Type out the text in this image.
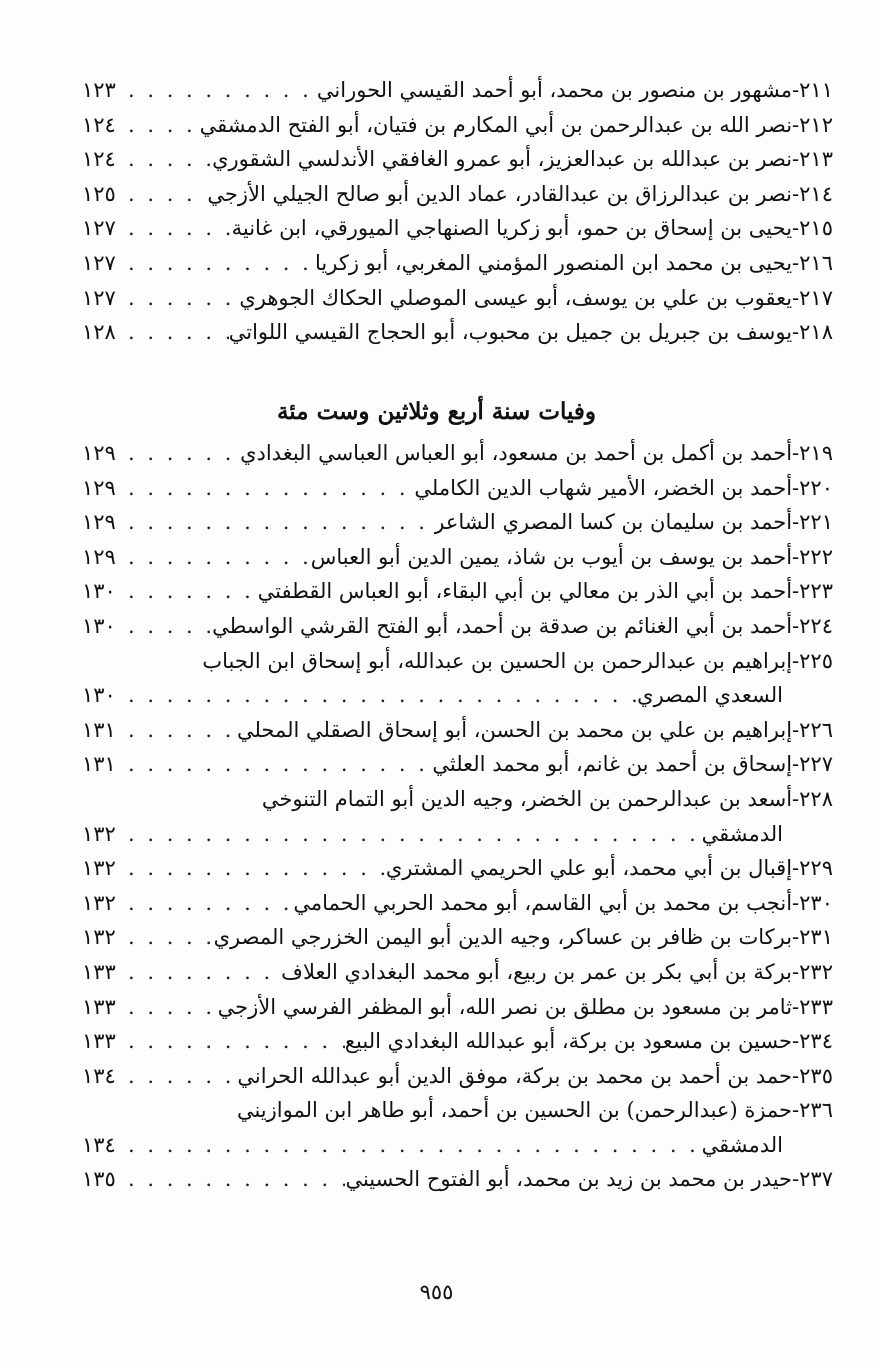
٢١١-
مشهور بن منصور بن محمد، أبو أحمد القيسي الحوراني
. . .
١٢٣
٢١٢-
نصر الله بن عبدالرحمن بن أبي المكارم بن فتيان، أبو الفتح الدمشقي
. . .
١٢٤
٢١٣-
نصر بن عبدالله بن عبدالعزيز، أبو عمرو الغافقي الأندلسي الشقوري
. . .
١٢٤
٢١٤-
نصر بن عبدالرزاق بن عبدالقادر، عماد الدين أبو صالح الجيلي الأزجي
. . .
١٢٥
٢١٥-
يحيى بن إسحاق بن حمو، أبو زكريا الصنهاجي الميورقي، ابن غانية
. . .
١٢٧
٢١٦-
يحيى بن محمد ابن المنصور المؤمني المغربي، أبو زكريا
. . .
١٢٧
٢١٧-
يعقوب بن علي بن يوسف، أبو عيسى الموصلي الحكاك الجوهري
. . .
١٢٧
٢١٨-
يوسف بن جبريل بن جميل بن محبوب، أبو الحجاج القيسي اللواتي
. . .
١٢٨
وفيات سنة أربع وثلاثين وست مئة
٢١٩-
أحمد بن أكمل بن أحمد بن مسعود، أبو العباس العباسي البغدادي
. . .
١٢٩
٢٢٠-
أحمد بن الخضر، الأمير شهاب الدين الكاملي
. . .
١٢٩
٢٢١-
أحمد بن سليمان بن كسا المصري الشاعر
. . .
١٢٩
٢٢٢-
أحمد بن يوسف بن أيوب بن شاذ، يمين الدين أبو العباس
. . .
١٢٩
٢٢٣-
أحمد بن أبي الذر بن معالي بن أبي البقاء، أبو العباس القطفتي
. . .
١٣٠
٢٢٤-
أحمد بن أبي الغنائم بن صدقة بن أحمد، أبو الفتح القرشي الواسطي
. . .
١٣٠
٢٢٥-
إبراهيم بن عبدالرحمن بن الحسين بن عبدالله، أبو إسحاق ابن الجباب
السعدي المصري
. . .
١٣٠
٢٢٦-
إبراهيم بن علي بن محمد بن الحسن، أبو إسحاق الصقلي المحلي
. . .
١٣١
٢٢٧-
إسحاق بن أحمد بن غانم، أبو محمد العلثي
. . .
١٣١
٢٢٨-
أسعد بن عبدالرحمن بن الخضر، وجيه الدين أبو التمام التنوخي
الدمشقي
. . .
١٣٢
٢٢٩-
إقبال بن أبي محمد، أبو علي الحريمي المشتري
. . .
١٣٢
٢٣٠-
أنجب بن محمد بن أبي القاسم، أبو محمد الحربي الحمامي
. . .
١٣٢
٢٣١-
بركات بن ظافر بن عساكر، وجيه الدين أبو اليمن الخزرجي المصري
. . .
١٣٢
٢٣٢-
بركة بن أبي بكر بن عمر بن ربيع، أبو محمد البغدادي العلاف
. . .
١٣٣
٢٣٣-
ثامر بن مسعود بن مطلق بن نصر الله، أبو المظفر الفرسي الأزجي
. . .
١٣٣
٢٣٤-
حسين بن مسعود بن بركة، أبو عبدالله البغدادي البيع
. . .
١٣٣
٢٣٥-
حمد بن أحمد بن محمد بن بركة، موفق الدين أبو عبدالله الحراني
. . .
١٣٤
٢٣٦-
حمزة (عبدالرحمن) بن الحسين بن أحمد، أبو طاهر ابن الموازيني
الدمشقي
. . .
١٣٤
٢٣٧-
حيدر بن محمد بن زيد بن محمد، أبو الفتوح الحسيني
. . .
١٣٥
٩٥٥
